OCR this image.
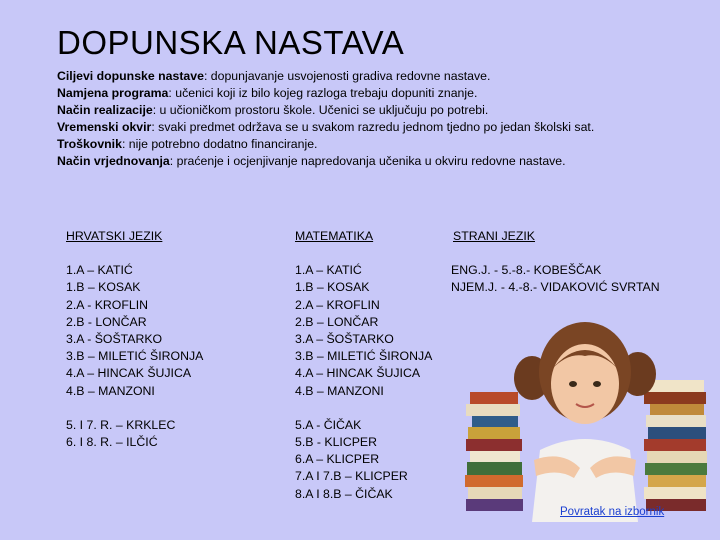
DOPUNSKA NASTAVA
Ciljevi dopunske nastave: dopunjavanje usvojenosti gradiva redovne nastave.
Namjena programa: učenici koji iz bilo kojeg razloga trebaju dopuniti znanje.
Način realizacije: u učioničkom prostoru škole. Učenici se uključuju po potrebi.
Vremenski okvir: svaki predmet održava se u svakom razredu jednom tjedno po jedan školski sat.
Troškovnik: nije potrebno dodatno financiranje.
Način vrjednovanja: praćenje i ocjenjivanje napredovanja učenika u okviru redovne nastave.
HRVATSKI JEZIK
1.A – KATIĆ
1.B – KOSAK
2.A - KROFLIN
2.B - LONČAR
3.A - ŠOŠTARKO
3.B – MILETIĆ ŠIRONJA
4.A – HINCAK ŠUJICA
4.B – MANZONI
5. I 7. R. – KRKLEC
6. I 8. R. – ILČIĆ
MATEMATIKA
1.A – KATIĆ
1.B – KOSAK
2.A – KROFLIN
2.B – LONČAR
3.A – ŠOŠTARKO
3.B – MILETIĆ ŠIRONJA
4.A – HINCAK ŠUJICA
4.B – MANZONI
5.A - ČIČAK
5.B - KLICPER
6.A – KLICPER
7.A I 7.B – KLICPER
8.A I 8.B – ČIČAK
STRANI JEZIK
ENG.J. - 5.-8.- KOBEŠČAK
NJEM.J. - 4.-8.- VIDAKOVIĆ SVRTAN
Povratak na izbornik
